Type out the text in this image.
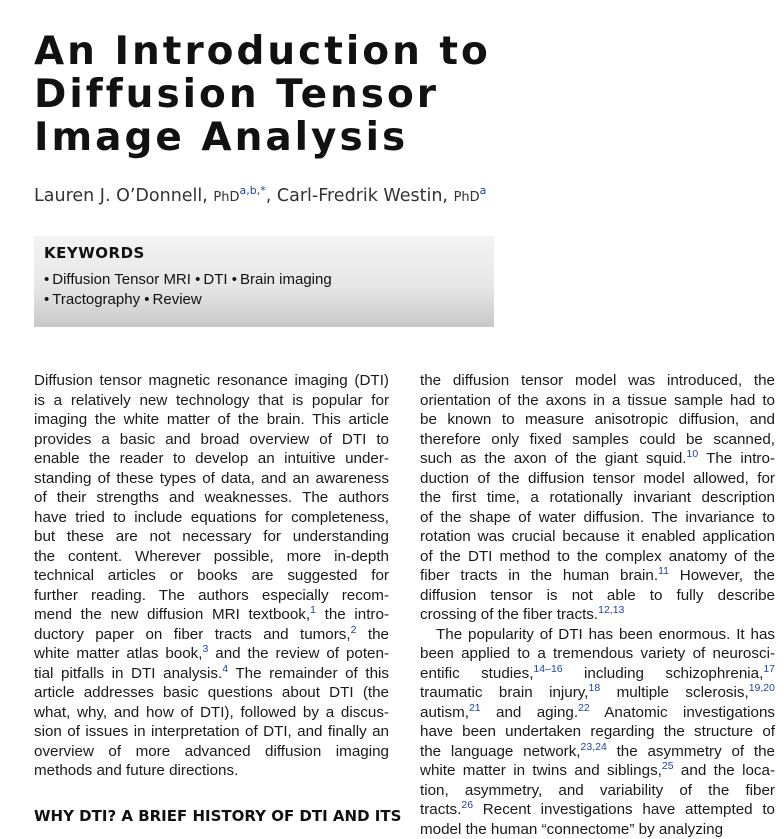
An Introduction to
Diffusion Tensor
Image Analysis
Lauren J. O’Donnell, PhD$^{a,b,*}$, Carl-Fredrik Westin, PhD$^a$
KEYWORDS
• Diffusion Tensor MRI • DTI • Brain imaging
• Tractography • Review
Diffusion tensor magnetic resonance imaging (DTI)
is a relatively new technology that is popular for
imaging the white matter of the brain. This article
provides a basic and broad overview of DTI to
enable the reader to develop an intuitive under-
standing of these types of data, and an awareness
of their strengths and weaknesses. The authors
have tried to include equations for completeness,
but these are not necessary for understanding
the content. Wherever possible, more in-depth
technical articles or books are suggested for
further reading. The authors especially recom-
mend the new diffusion MRI textbook,$^1$ the intro-
ductory paper on fiber tracts and tumors,$^2$ the
white matter atlas book,$^3$ and the review of poten-
tial pitfalls in DTI analysis.$^4$ The remainder of this
article addresses basic questions about DTI (the
what, why, and how of DTI), followed by a discus-
sion of issues in interpretation of DTI, and finally an
overview of more advanced diffusion imaging
methods and future directions.
the diffusion tensor model was introduced, the
orientation of the axons in a tissue sample had to
be known to measure anisotropic diffusion, and
therefore only fixed samples could be scanned,
such as the axon of the giant squid.$^{10}$ The intro-
duction of the diffusion tensor model allowed, for
the first time, a rotationally invariant description
of the shape of water diffusion. The invariance to
rotation was crucial because it enabled application
of the DTI method to the complex anatomy of the
fiber tracts in the human brain.$^{11}$ However, the
diffusion tensor is not able to fully describe
crossing of the fiber tracts.$^{12,13}$
The popularity of DTI has been enormous. It has
been applied to a tremendous variety of neurosci-
entific studies,$^{14-16}$ including schizophrenia,$^{17}$
traumatic brain injury,$^{18}$ multiple sclerosis,$^{19,20}$
autism,$^{21}$ and aging.$^{22}$ Anatomic investigations
have been undertaken regarding the structure of
the language network,$^{23,24}$ the asymmetry of the
white matter in twins and siblings,$^{25}$ and the loca-
tion, asymmetry, and variability of the fiber
tracts.$^{26}$ Recent investigations have attempted to
model the human “connectome” by analyzing
WHY DTI? A BRIEF HISTORY OF DTI AND ITS
